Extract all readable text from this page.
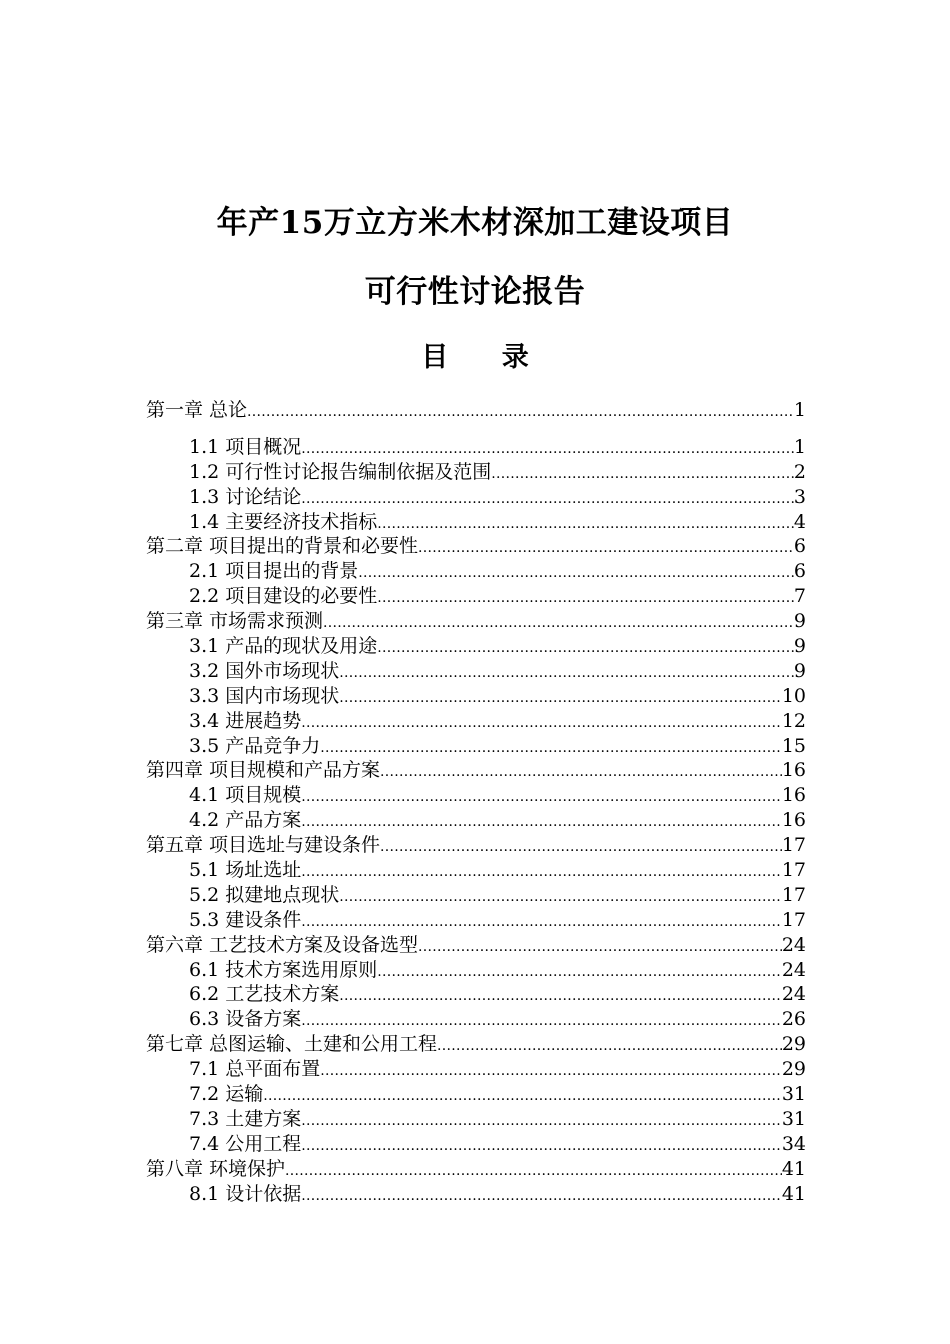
年产15万立方米木材深加工建设项目
可行性讨论报告
目 录
第一章 总论 .....	1
1.1 项目概况 .....	1
1.2 可行性讨论报告编制依据及范围 .....	2
1.3 讨论结论 .....	3
1.4 主要经济技术指标 .....	4
第二章 项目提出的背景和必要性 .....	6
2.1 项目提出的背景 .....	6
2.2 项目建设的必要性 .....	7
第三章 市场需求预测 .....	9
3.1 产品的现状及用途 .....	9
3.2 国外市场现状 .....	9
3.3 国内市场现状 .....	10
3.4 进展趋势 .....	12
3.5 产品竞争力 .....	15
第四章 项目规模和产品方案 .....	16
4.1 项目规模 .....	16
4.2 产品方案 .....	16
第五章 项目选址与建设条件 .....	17
5.1 场址选址 .....	17
5.2 拟建地点现状 .....	17
5.3 建设条件 .....	17
第六章 工艺技术方案及设备选型 .....	24
6.1 技术方案选用原则 .....	24
6.2 工艺技术方案 .....	24
6.3 设备方案 .....	26
第七章 总图运输、土建和公用工程 .....	29
7.1 总平面布置 .....	29
7.2 运输 .....	31
7.3 土建方案 .....	31
7.4 公用工程 .....	34
第八章 环境保护 .....	41
8.1 设计依据 .....	41
